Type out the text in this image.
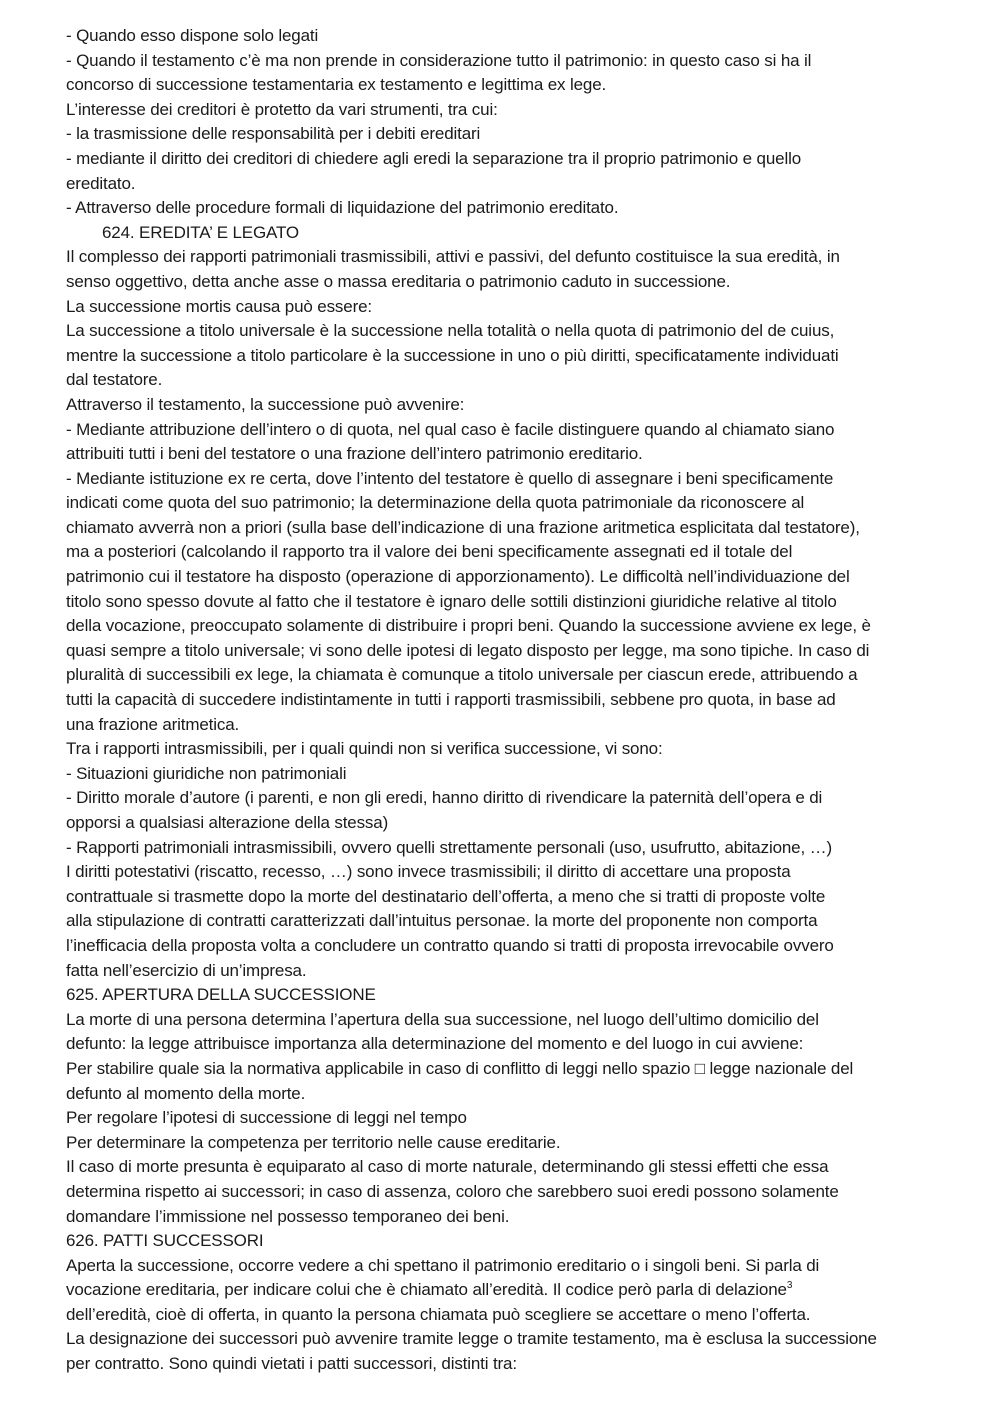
- Quando esso dispone solo legati
- Quando il testamento c’è ma non prende in considerazione tutto il patrimonio: in questo caso si ha il
concorso di successione testamentaria ex testamento e legittima ex lege.
L’interesse dei creditori è protetto da vari strumenti, tra cui:
- la trasmissione delle responsabilità per i debiti ereditari
- mediante il diritto dei creditori di chiedere agli eredi la separazione tra il proprio patrimonio e quello
ereditato.
- Attraverso delle procedure formali di liquidazione del patrimonio ereditato.
624. EREDITA’ E LEGATO
Il complesso dei rapporti patrimoniali trasmissibili, attivi e passivi, del defunto costituisce la sua eredità, in
senso oggettivo, detta anche asse o massa ereditaria o patrimonio caduto in successione.
La successione mortis causa può essere:
La successione a titolo universale è la successione nella totalità o nella quota di patrimonio del de cuius,
mentre la successione a titolo particolare è la successione in uno o più diritti, specificatamente individuati
dal testatore.
Attraverso il testamento, la successione può avvenire:
- Mediante attribuzione dell’intero o di quota, nel qual caso è facile distinguere quando al chiamato siano
attribuiti tutti i beni del testatore o una frazione dell’intero patrimonio ereditario.
- Mediante istituzione ex re certa, dove l’intento del testatore è quello di assegnare i beni specificamente
indicati come quota del suo patrimonio; la determinazione della quota patrimoniale da riconoscere al
chiamato avverrà non a priori (sulla base dell’indicazione di una frazione aritmetica esplicitata dal testatore),
ma a posteriori (calcolando il rapporto tra il valore dei beni specificamente assegnati ed il totale del
patrimonio cui il testatore ha disposto (operazione di apporzionamento). Le difficoltà nell’individuazione del
titolo sono spesso dovute al fatto che il testatore è ignaro delle sottili distinzioni giuridiche relative al titolo
della vocazione, preoccupato solamente di distribuire i propri beni. Quando la successione avviene ex lege, è
quasi sempre a titolo universale; vi sono delle ipotesi di legato disposto per legge, ma sono tipiche. In caso di
pluralità di successibili ex lege, la chiamata è comunque a titolo universale per ciascun erede, attribuendo a
tutti la capacità di succedere indistintamente in tutti i rapporti trasmissibili, sebbene pro quota, in base ad
una frazione aritmetica.
Tra i rapporti intrasmissibili, per i quali quindi non si verifica successione, vi sono:
- Situazioni giuridiche non patrimoniali
- Diritto morale d’autore (i parenti, e non gli eredi, hanno diritto di rivendicare la paternità dell’opera e di
opporsi a qualsiasi alterazione della stessa)
- Rapporti patrimoniali intrasmissibili, ovvero quelli strettamente personali (uso, usufrutto, abitazione, …)
I diritti potestativi (riscatto, recesso, …) sono invece trasmissibili; il diritto di accettare una proposta
contrattuale si trasmette dopo la morte del destinatario dell’offerta, a meno che si tratti di proposte volte
alla stipulazione di contratti caratterizzati dall’intuitus personae. la morte del proponente non comporta
l’inefficacia della proposta volta a concludere un contratto quando si tratti di proposta irrevocabile ovvero
fatta nell’esercizio di un’impresa.
625. APERTURA DELLA SUCCESSIONE
La morte di una persona determina l’apertura della sua successione, nel luogo dell’ultimo domicilio del
defunto: la legge attribuisce importanza alla determinazione del momento e del luogo in cui avviene:
Per stabilire quale sia la normativa applicabile in caso di conflitto di leggi nello spazio □ legge nazionale del
defunto al momento della morte.
Per regolare l’ipotesi di successione di leggi nel tempo
Per determinare la competenza per territorio nelle cause ereditarie.
Il caso di morte presunta è equiparato al caso di morte naturale, determinando gli stessi effetti che essa
determina rispetto ai successori; in caso di assenza, coloro che sarebbero suoi eredi possono solamente
domandare l’immissione nel possesso temporaneo dei beni.
626. PATTI SUCCESSORI
Aperta la successione, occorre vedere a chi spettano il patrimonio ereditario o i singoli beni. Si parla di
vocazione ereditaria, per indicare colui che è chiamato all’eredità. Il codice però parla di delazione$^3$
dell’eredità, cioè di offerta, in quanto la persona chiamata può scegliere se accettare o meno l’offerta.
La designazione dei successori può avvenire tramite legge o tramite testamento, ma è esclusa la successione
per contratto. Sono quindi vietati i patti successori, distinti tra:
